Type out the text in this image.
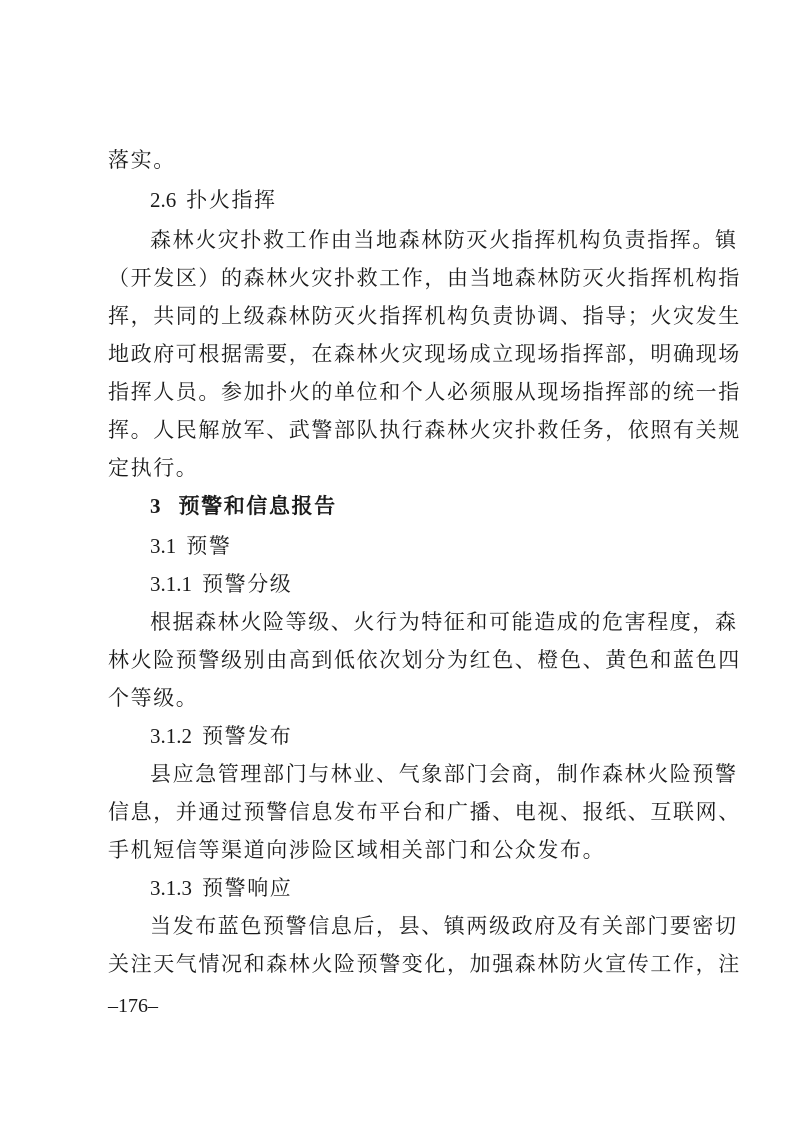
落实。
2.6 扑火指挥
森林火灾扑救工作由当地森林防灭火指挥机构负责指挥。镇
（开发区）的森林火灾扑救工作，由当地森林防灭火指挥机构指
挥，共同的上级森林防灭火指挥机构负责协调、指导；火灾发生
地政府可根据需要，在森林火灾现场成立现场指挥部，明确现场
指挥人员。参加扑火的单位和个人必须服从现场指挥部的统一指
挥。人民解放军、武警部队执行森林火灾扑救任务，依照有关规
定执行。
3 预警和信息报告
3.1 预警
3.1.1 预警分级
根据森林火险等级、火行为特征和可能造成的危害程度，森
林火险预警级别由高到低依次划分为红色、橙色、黄色和蓝色四
个等级。
3.1.2 预警发布
县应急管理部门与林业、气象部门会商，制作森林火险预警
信息，并通过预警信息发布平台和广播、电视、报纸、互联网、
手机短信等渠道向涉险区域相关部门和公众发布。
3.1.3 预警响应
当发布蓝色预警信息后，县、镇两级政府及有关部门要密切
关注天气情况和森林火险预警变化，加强森林防火宣传工作，注
–176–
